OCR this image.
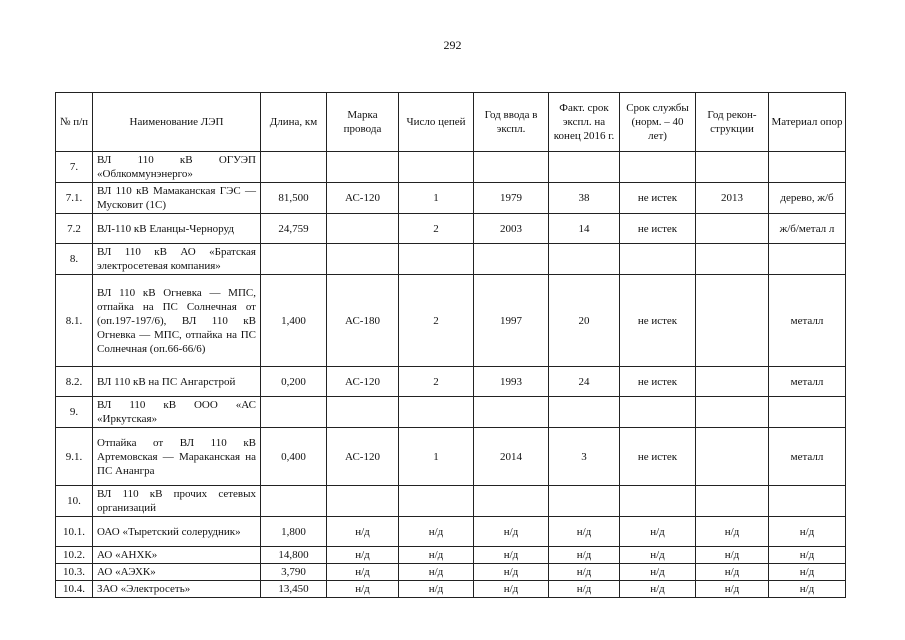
292
№ п/п	Наименование ЛЭП	Длина, км	Марка провода	Число цепей	Год ввода в экспл.	Факт. срок экспл. на конец 2016 г.	Срок службы (норм. – 40 лет)	Год рекон-струкции	Материал опор
7.	ВЛ 110 кВ ОГУЭП «Облкоммунэнерго»								
7.1.	ВЛ 110 кВ Мамаканская ГЭС — Мусковит (1С)	81,500	АС-120	1	1979	38	не истек	2013	дерево, ж/б
7.2	ВЛ-110 кВ Еланцы-Черноруд	24,759		2	2003	14	не истек		ж/б/метал л
8.	ВЛ 110 кВ АО «Братская электросетевая компания»								
8.1.	ВЛ 110 кВ Огневка — МПС, отпайка на ПС Солнечная от (оп.197-197/6), ВЛ 110 кВ Огневка — МПС, отпайка на ПС Солнечная (оп.66-66/6)	1,400	АС-180	2	1997	20	не истек		металл
8.2.	ВЛ 110 кВ на ПС Ангарстрой	0,200	АС-120	2	1993	24	не истек		металл
9.	ВЛ 110 кВ ООО «АС «Иркутская»								
9.1.	Отпайка от ВЛ 110 кВ Артемовская — Мараканская на ПС Анангра	0,400	АС-120	1	2014	3	не истек		металл
10.	ВЛ 110 кВ прочих сетевых организаций								
10.1.	ОАО «Тыретский солерудник»	1,800	н/д	н/д	н/д	н/д	н/д	н/д	н/д
10.2.	АО «АНХК»	14,800	н/д	н/д	н/д	н/д	н/д	н/д	н/д
10.3.	АО «АЭХК»	3,790	н/д	н/д	н/д	н/д	н/д	н/д	н/д
10.4.	ЗАО «Электросеть»	13,450	н/д	н/д	н/д	н/д	н/д	н/д	н/д
